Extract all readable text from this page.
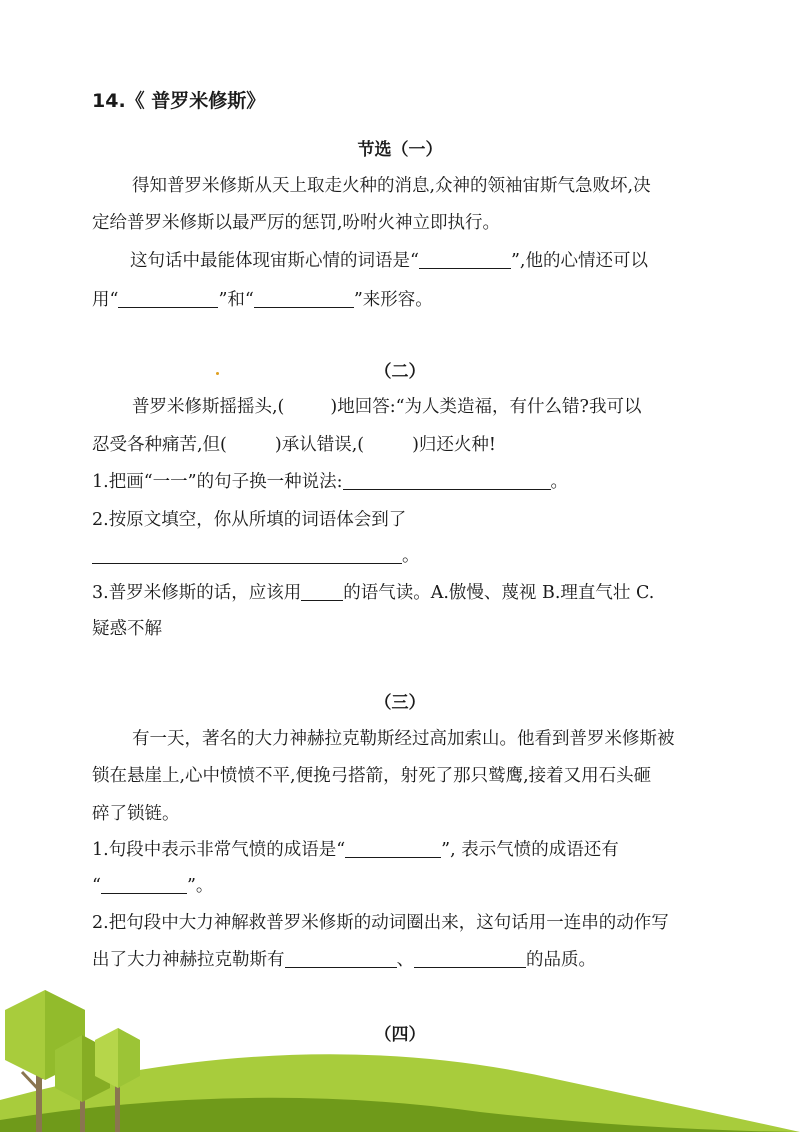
14.《 普罗米修斯》
节选（一）
得知普罗米修斯从天上取走火种的消息,众神的领袖宙斯气急败坏,决
定给普罗米修斯以最严厉的惩罚,吩咐火神立即执行。
这句话中最能体现宙斯心情的词语是“	”,他的心情还可以
用“	”和“	”来形容。
（二）
普罗米修斯摇摇头,(	)地回答:“为人类造福，有什么错?我可以
忍受各种痛苦,但(	)承认错误,(	)归还火种!
1.把画“一一”的句子换一种说法:	。
2.按原文填空，你从所填的词语体会到了
。
3.普罗米修斯的话，应该用 的语气读。A.傲慢、蔑视 B.理直气壮 C.
疑惑不解
（三）
有一天，著名的大力神赫拉克勒斯经过高加索山。他看到普罗米修斯被
锁在悬崖上,心中愤愤不平,便挽弓搭箭，射死了那只鹫鹰,接着又用石头砸
碎了锁链。
1.句段中表示非常气愤的成语是“	”, 表示气愤的成语还有
“	”。
2.把句段中大力神解救普罗米修斯的动词圈出来，这句话用一连串的动作写
出了大力神赫拉克勒斯有	、	的品质。
（四）
